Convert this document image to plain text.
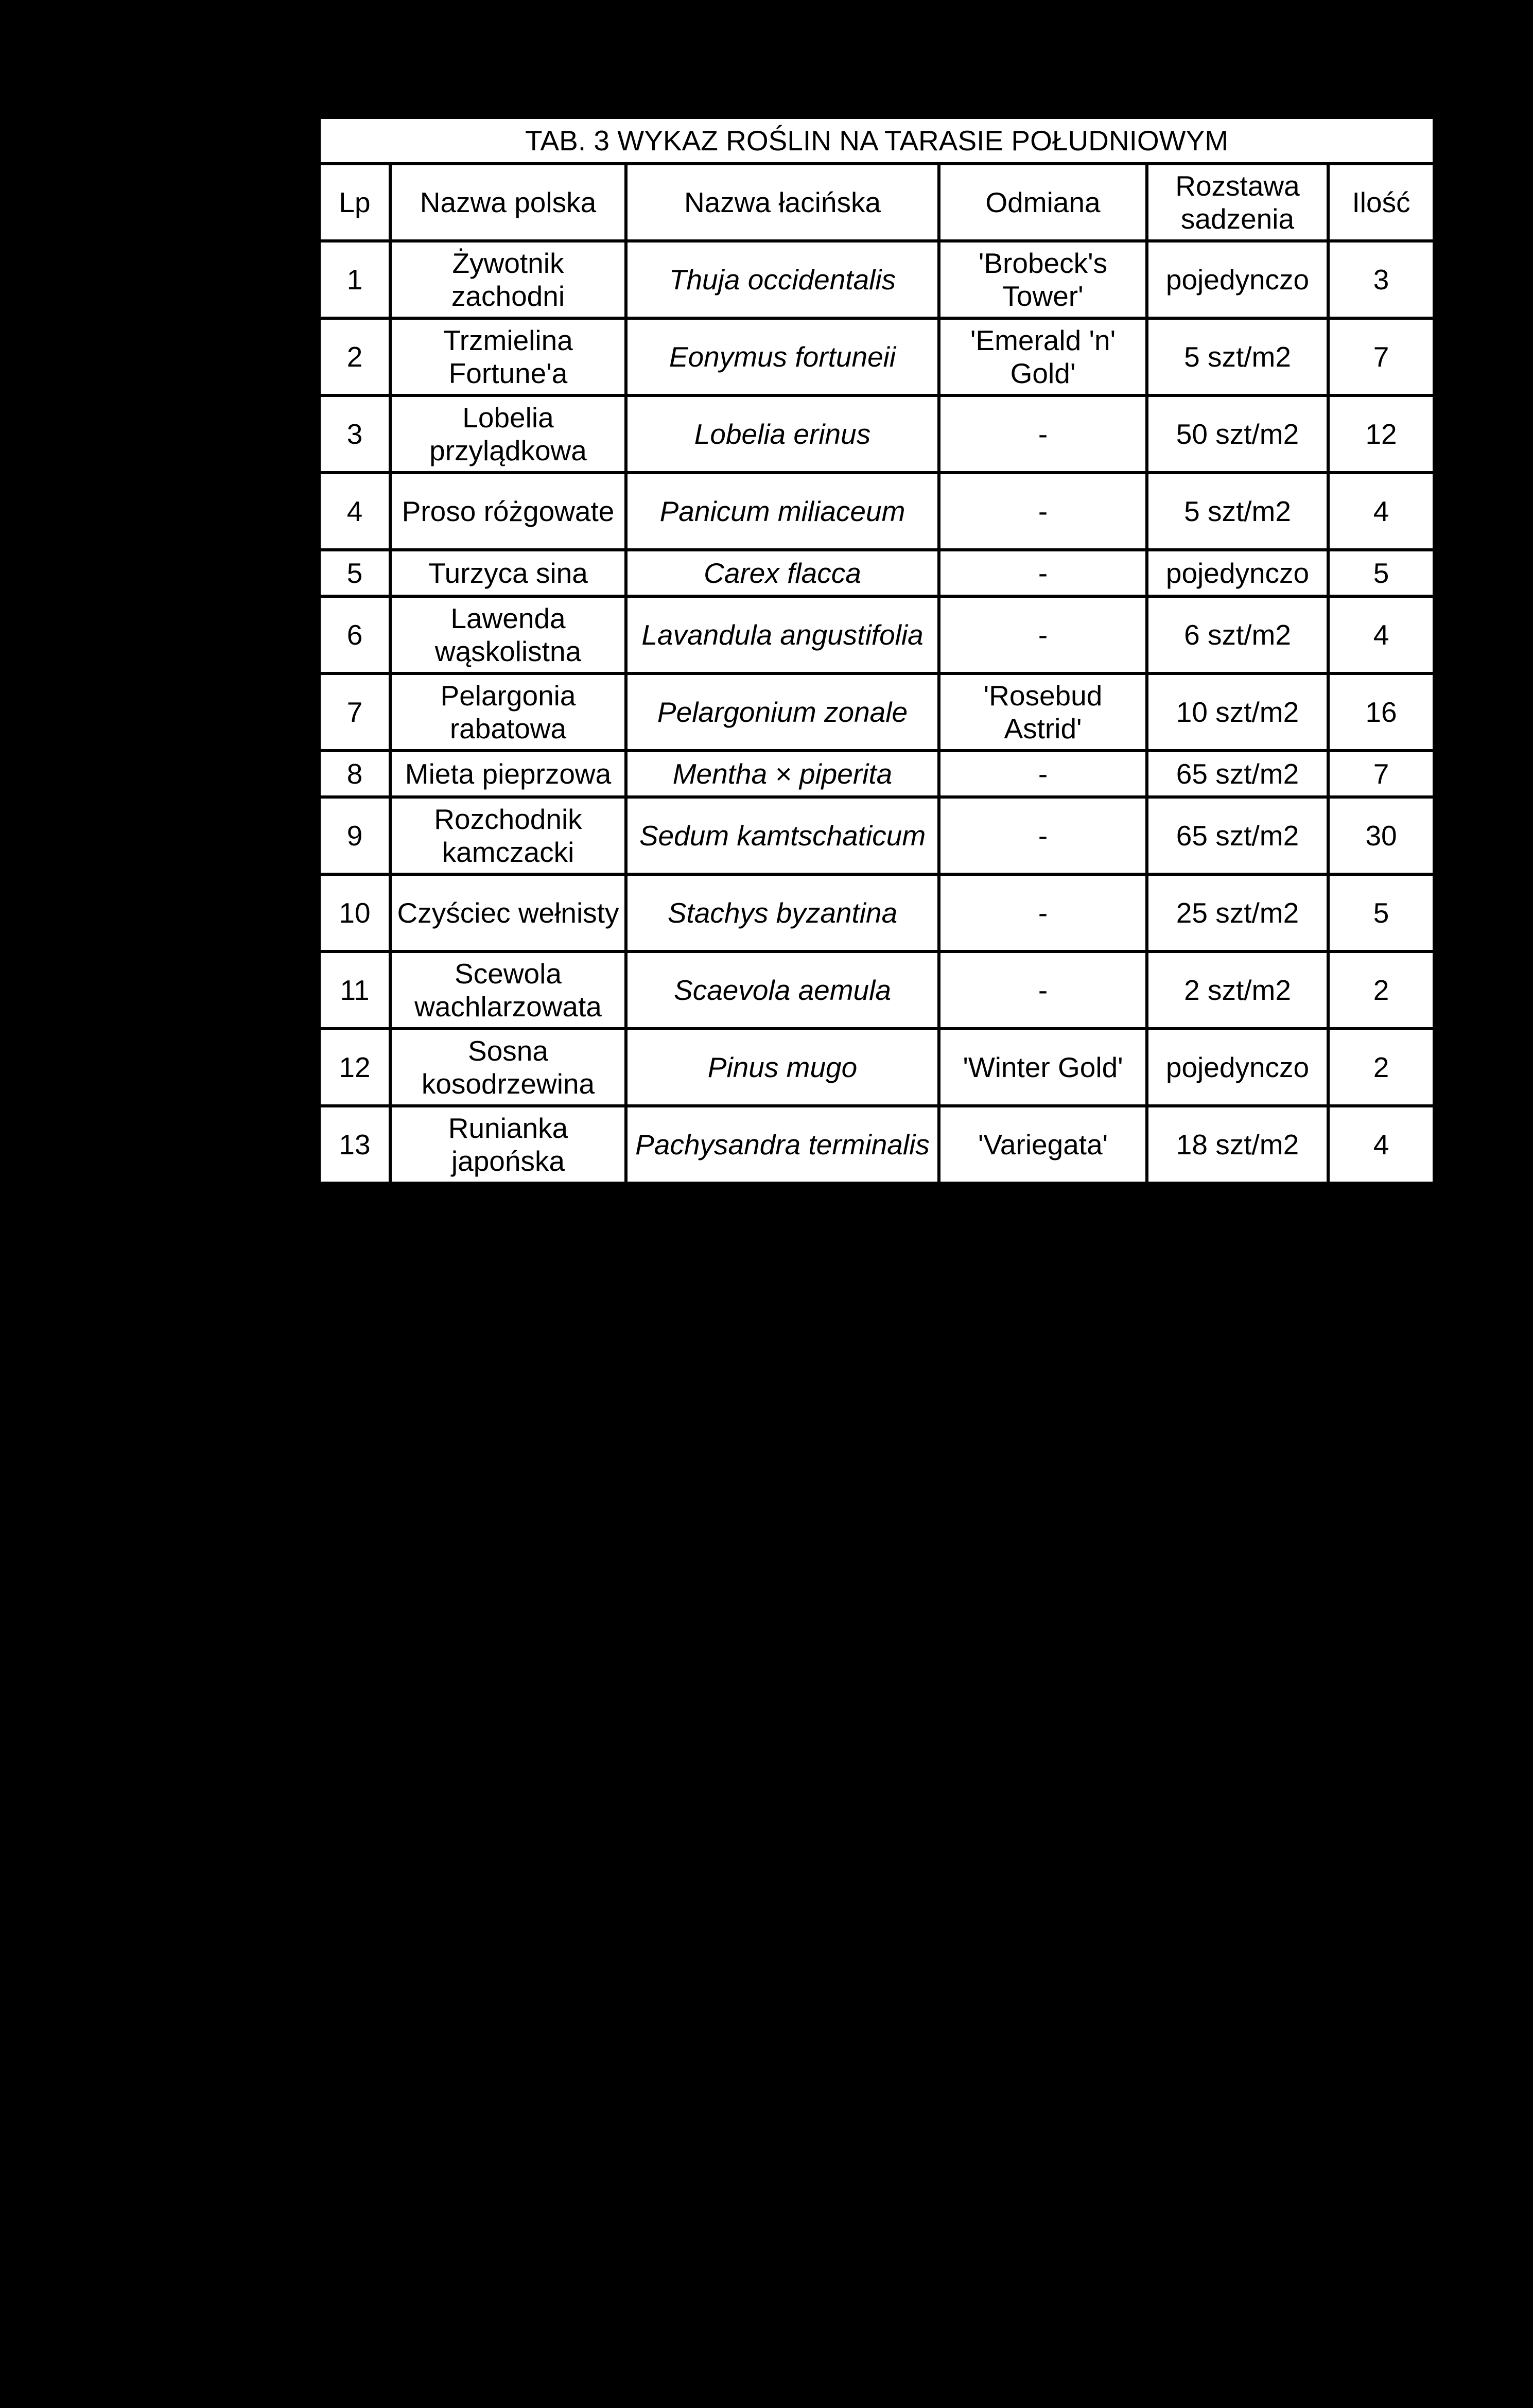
TAB. 3 WYKAZ ROŚLIN NA TARASIE POŁUDNIOWYM					
Lp	Nazwa polska	Nazwa łacińska	Odmiana	Rozstawa sadzenia	Ilość
1	Żywotnik zachodni	Thuja occidentalis	'Brobeck's Tower'	pojedynczo	3
2	Trzmielina Fortune'a	Eonymus fortuneii	'Emerald 'n' Gold'	5 szt/m2	7
3	Lobelia przylądkowa	Lobelia erinus	-	50 szt/m2	12
4	Proso różgowate	Panicum miliaceum	-	5 szt/m2	4
5	Turzyca sina	Carex flacca	-	pojedynczo	5
6	Lawenda wąskolistna	Lavandula angustifolia	-	6 szt/m2	4
7	Pelargonia rabatowa	Pelargonium zonale	'Rosebud Astrid'	10 szt/m2	16
8	Mieta pieprzowa	Mentha × piperita	-	65 szt/m2	7
9	Rozchodnik kamczacki	Sedum kamtschaticum	-	65 szt/m2	30
10	Czyściec wełnisty	Stachys byzantina	-	25 szt/m2	5
11	Scewola wachlarzowata	Scaevola aemula	-	2 szt/m2	2
12	Sosna kosodrzewina	Pinus mugo	'Winter Gold'	pojedynczo	2
13	Runianka japońska	Pachysandra terminalis	'Variegata'	18 szt/m2	4
